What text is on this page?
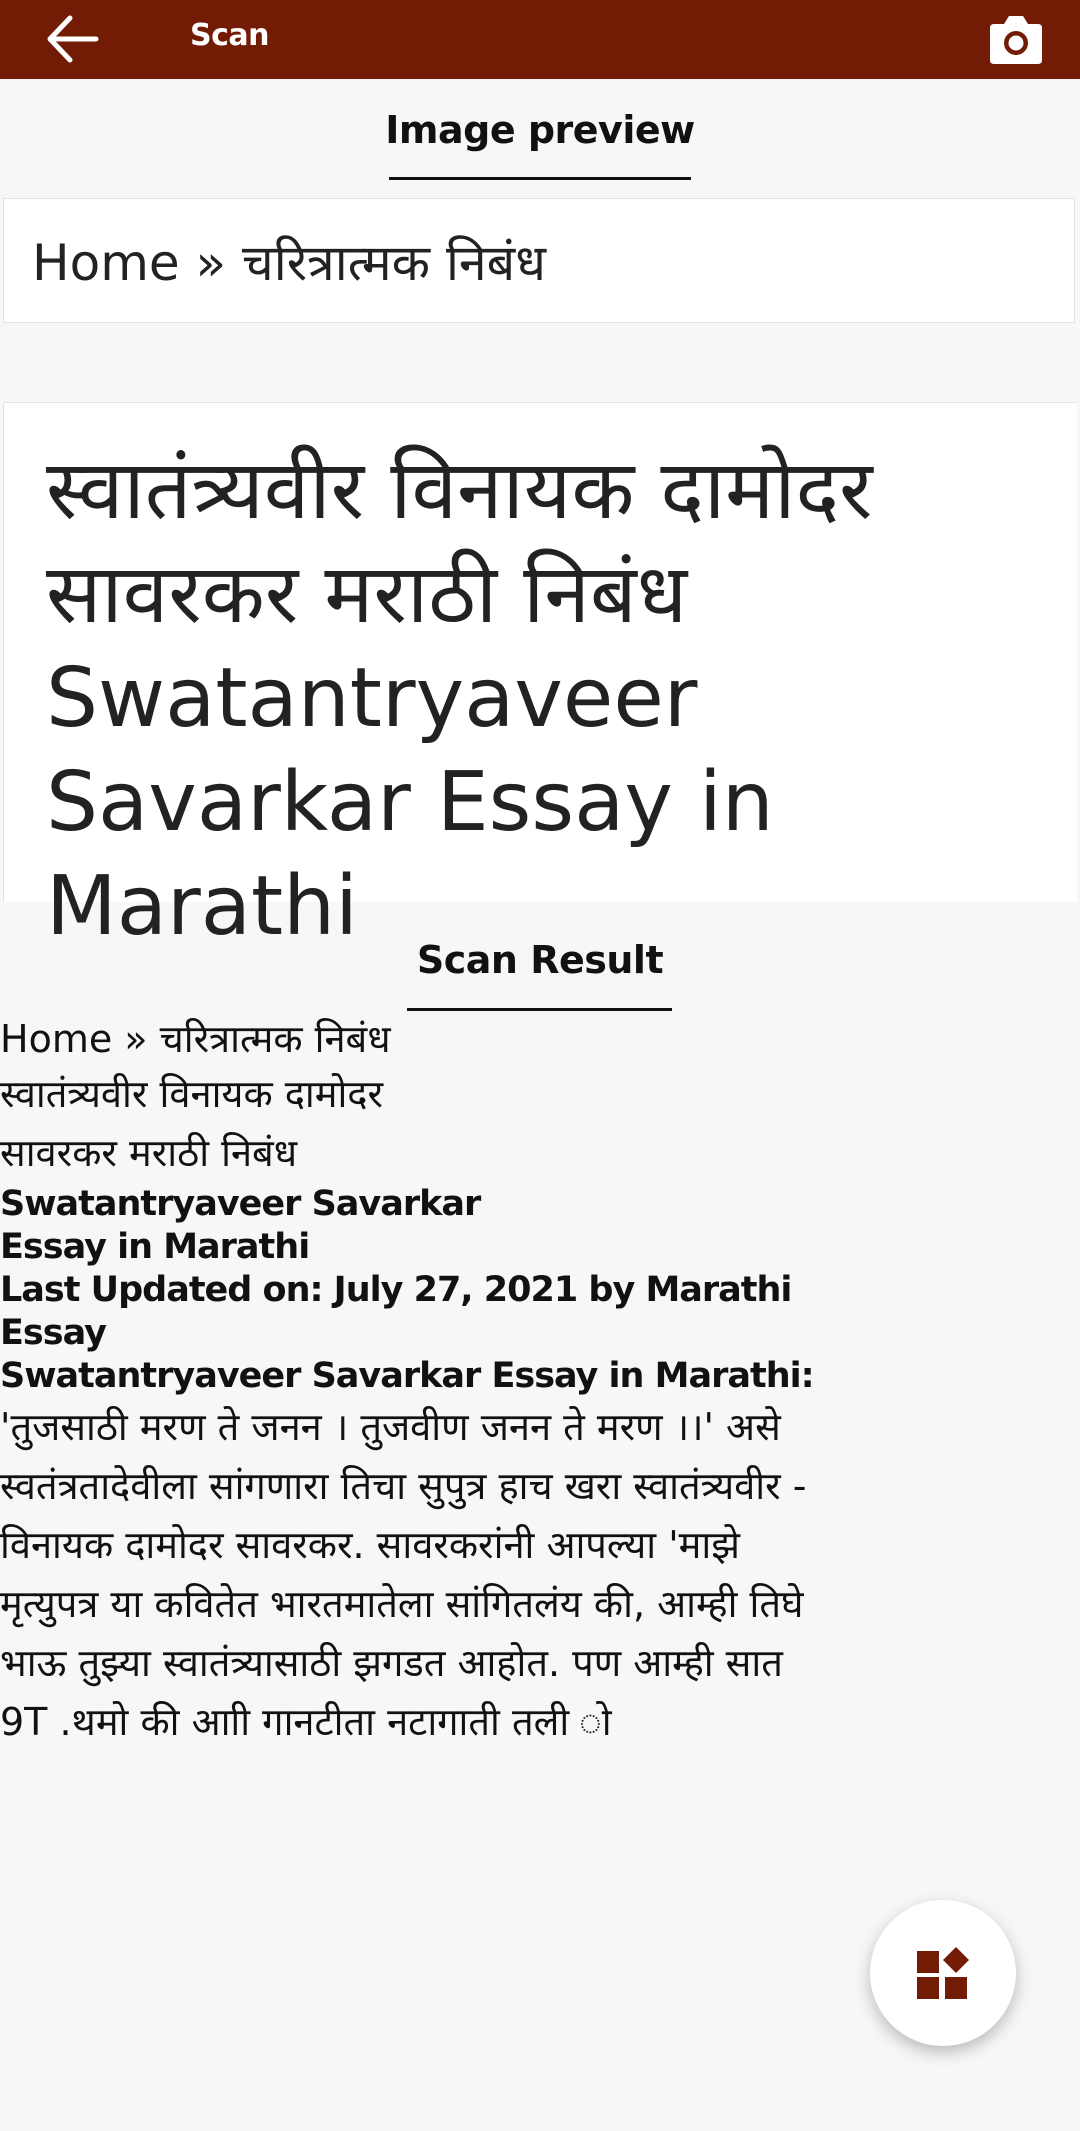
Scan
Image preview
Home » चरित्रात्मक निबंध
स्वातंत्र्यवीर विनायक दामोदर सावरकर मराठी निबंध Swatantryaveer Savarkar Essay in Marathi
Scan Result
Home » चरित्रात्मक निबंध
स्वातंत्र्यवीर विनायक दामोदर
सावरकर मराठी निबंध
Swatantryaveer Savarkar
Essay in Marathi
Last Updated on: July 27, 2021 by Marathi
Essay
Swatantryaveer Savarkar Essay in Marathi:
'तुजसाठी मरण ते जनन । तुजवीण जनन ते मरण ।।' असे
स्वतंत्रतादेवीला सांगणारा तिचा सुपुत्र हाच खरा स्वातंत्र्यवीर -
विनायक दामोदर सावरकर. सावरकरांनी आपल्या 'माझे
मृत्युपत्र या कवितेत भारतमातेला सांगितलंय की, आम्ही तिघे
भाऊ तुझ्या स्वातंत्र्यासाठी झगडत आहोत. पण आम्ही सात
9T .थमो की आाी गानटीता नटागाती तली ो
